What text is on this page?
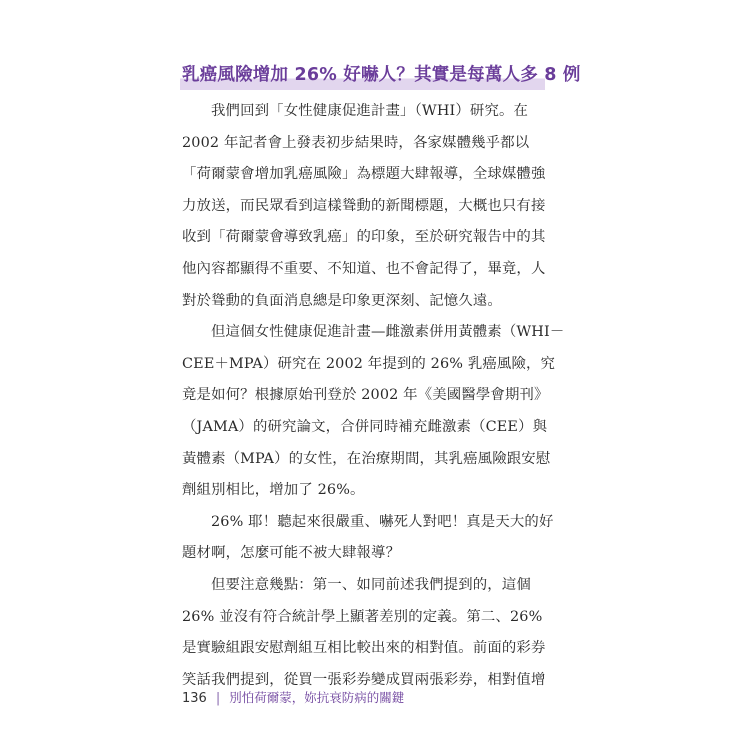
乳癌風險增加 26% 好嚇人？其實是每萬人多 8 例
我們回到「女性健康促進計畫」（WHI）研究。在
2002 年記者會上發表初步結果時，各家媒體幾乎都以
「荷爾蒙會增加乳癌風險」為標題大肆報導，全球媒體強
力放送，而民眾看到這樣聳動的新聞標題，大概也只有接
收到「荷爾蒙會導致乳癌」的印象，至於研究報告中的其
他內容都顯得不重要、不知道、也不會記得了，畢竟，人
對於聳動的負面消息總是印象更深刻、記憶久遠。
但這個女性健康促進計畫—雌激素併用黃體素（WHI－
CEE＋MPA）研究在 2002 年提到的 26% 乳癌風險，究
竟是如何？根據原始刊登於 2002 年《美國醫學會期刊》
（JAMA）的研究論文，合併同時補充雌激素（CEE）與
黃體素（MPA）的女性，在治療期間，其乳癌風險跟安慰
劑組別相比，增加了 26%。
26% 耶！聽起來很嚴重、嚇死人對吧！真是天大的好
題材啊，怎麼可能不被大肆報導？
但要注意幾點：第一、如同前述我們提到的，這個
26% 並沒有符合統計學上顯著差別的定義。第二、26%
是實驗組跟安慰劑組互相比較出來的相對值。前面的彩券
笑話我們提到，從買一張彩券變成買兩張彩券，相對值增
136 | 別怕荷爾蒙，妳抗衰防病的關鍵
